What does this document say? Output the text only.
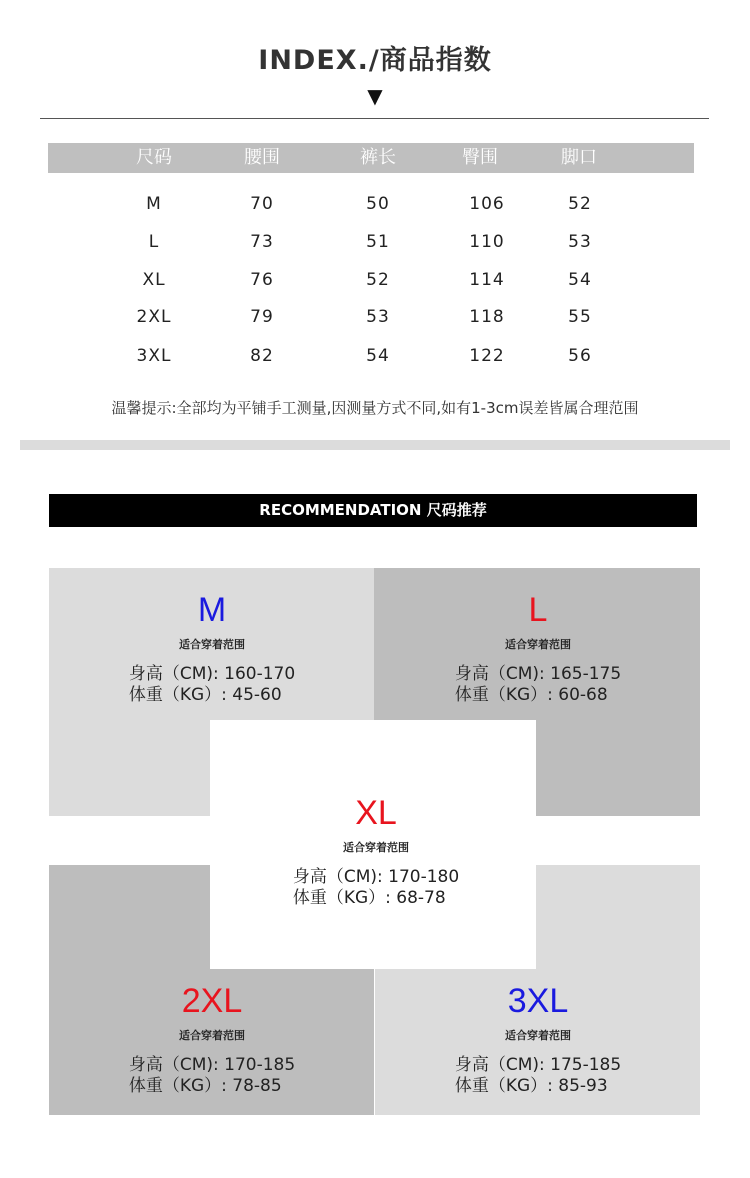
INDEX./商品指数
▼
尺码	腰围	裤长	臀围	脚口
M	70	50	106	52
L	73	51	110	53
XL	76	52	114	54
2XL	79	53	118	55
3XL	82	54	122	56
温馨提示:全部均为平铺手工测量,因测量方式不同,如有1-3cm误差皆属合理范围
RECOMMENDATION 尺码推荐
M
适合穿着范围
身高（CM): 160-170
体重（KG）: 45-60
L
适合穿着范围
身高（CM): 165-175
体重（KG）: 60-68
XL
适合穿着范围
身高（CM): 170-180
体重（KG）: 68-78
2XL
适合穿着范围
身高（CM): 170-185
体重（KG）: 78-85
3XL
适合穿着范围
身高（CM): 175-185
体重（KG）: 85-93
